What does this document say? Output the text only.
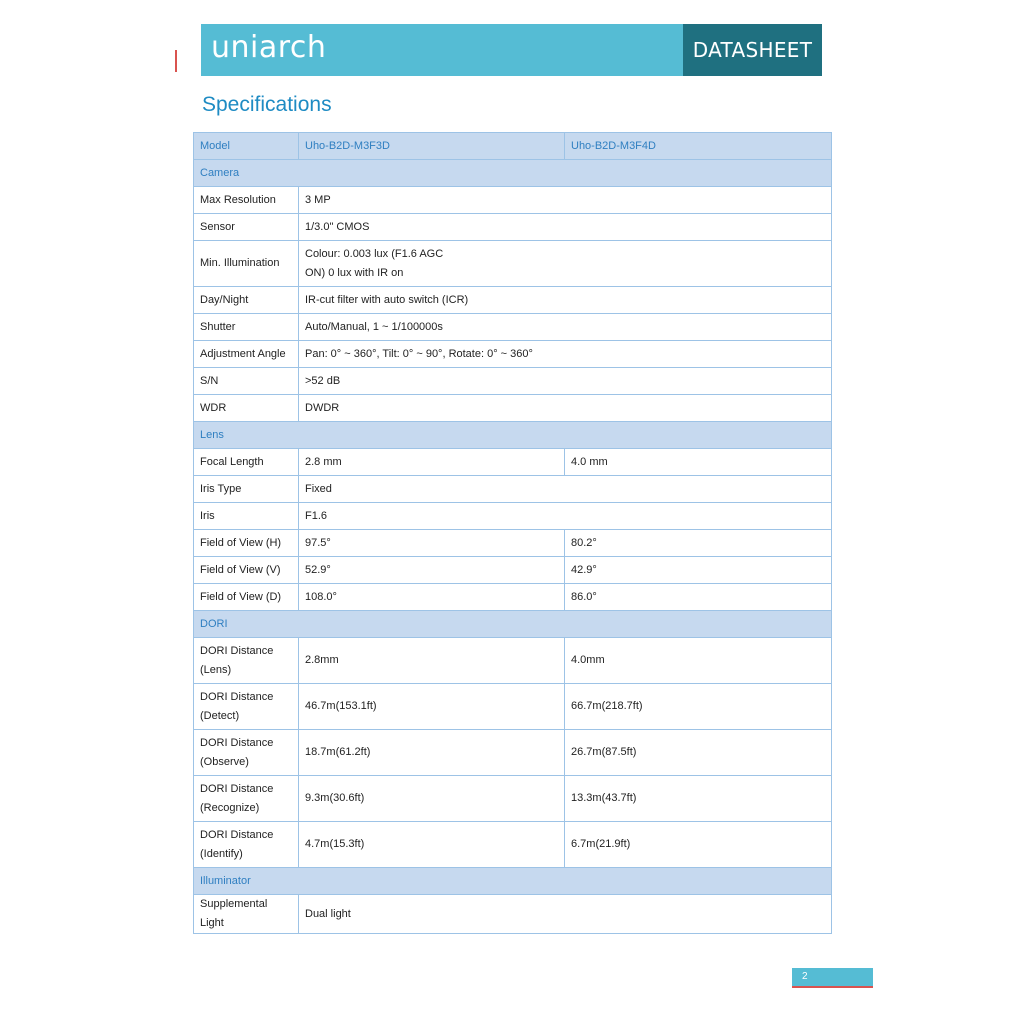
uniarch	DATASHEET
Specifications
Model	Uho-B2D-M3F3D	Uho-B2D-M3F4D
Camera		
Max Resolution	3 MP	
Sensor	1/3.0" CMOS	
Min. Illumination	Colour: 0.003 lux (F1.6 AGC
ON) 0 lux with IR on	

Day/Night	IR-cut filter with auto switch (ICR)	
Shutter	Auto/Manual, 1 ~ 1/100000s	
Adjustment Angle	Pan: 0° ~ 360°, Tilt: 0° ~ 90°, Rotate: 0° ~ 360°	
S/N	>52 dB	
WDR	DWDR	
Lens		
Focal Length	2.8 mm	4.0 mm
Iris Type	Fixed	
Iris	F1.6	
Field of View (H)	97.5°	80.2°
Field of View (V)	52.9°	42.9°
Field of View (D)	108.0°	86.0°
DORI		

DORI Distance
(Lens)	2.8mm	4.0mm

DORI Distance
(Detect)	46.7m(153.1ft)	66.7m(218.7ft)

DORI Distance
(Observe)	18.7m(61.2ft)	26.7m(87.5ft)

DORI Distance
(Recognize)	9.3m(30.6ft)	13.3m(43.7ft)

DORI Distance
(Identify)	4.7m(15.3ft)	6.7m(21.9ft)
Illuminator		
Supplemental Light	Dual light	
2
